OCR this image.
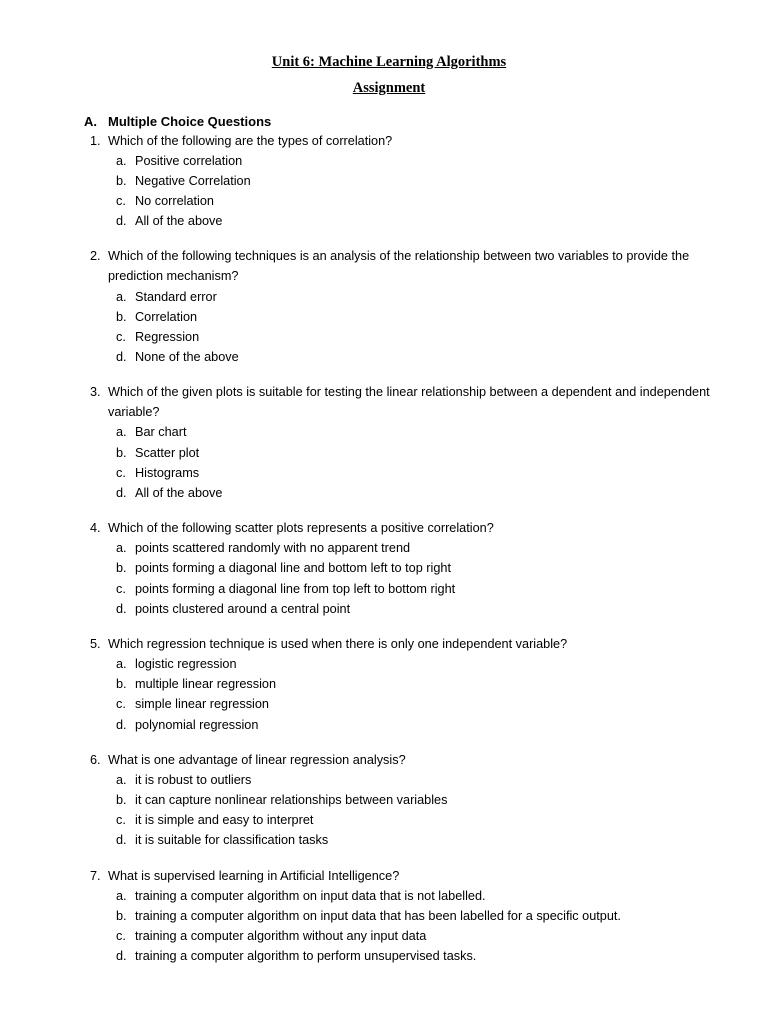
Unit 6: Machine Learning Algorithms
Assignment
A. Multiple Choice Questions
1. Which of the following are the types of correlation?
a. Positive correlation
b. Negative Correlation
c. No correlation
d. All of the above
2. Which of the following techniques is an analysis of the relationship between two variables to provide the prediction mechanism?
a. Standard error
b. Correlation
c. Regression
d. None of the above
3. Which of the given plots is suitable for testing the linear relationship between a dependent and independent variable?
a. Bar chart
b. Scatter plot
c. Histograms
d. All of the above
4. Which of the following scatter plots represents a positive correlation?
a. points scattered randomly with no apparent trend
b. points forming a diagonal line and bottom left to top right
c. points forming a diagonal line from top left to bottom right
d. points clustered around a central point
5. Which regression technique is used when there is only one independent variable?
a. logistic regression
b. multiple linear regression
c. simple linear regression
d. polynomial regression
6. What is one advantage of linear regression analysis?
a. it is robust to outliers
b. it can capture nonlinear relationships between variables
c. it is simple and easy to interpret
d. it is suitable for classification tasks
7. What is supervised learning in Artificial Intelligence?
a. training a computer algorithm on input data that is not labelled.
b. training a computer algorithm on input data that has been labelled for a specific output.
c. training a computer algorithm without any input data
d. training a computer algorithm to perform unsupervised tasks.
